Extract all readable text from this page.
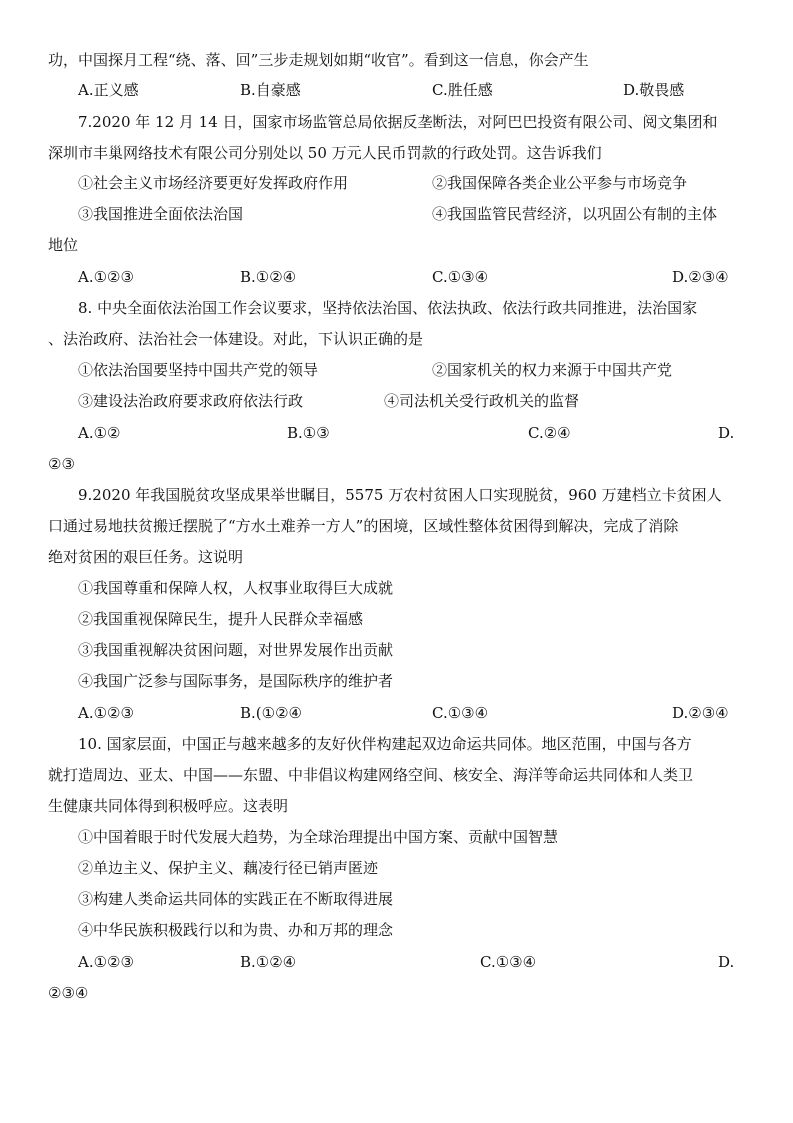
功，中国探月工程“绕、落、回”三步走规划如期“收官”。看到这一信息，你会产生
A.正义感	B.自豪感	C.胜任感	D.敬畏感
7.2020 年 12 月 14 日，国家市场监管总局依据反垄断法，对阿巴巴投资有限公司、阅文集团和
深圳市丰巢网络技术有限公司分别处以 50 万元人民币罚款的行政处罚。这告诉我们
①社会主义市场经济要更好发挥政府作用	②我国保障各类企业公平参与市场竞争
③我国推进全面依法治国	④我国监管民营经济，以巩固公有制的主体
地位
A.①②③	B.①②④	C.①③④	D.②③④
8. 中央全面依法治国工作会议要求，坚持依法治国、依法执政、依法行政共同推进，法治国家
、法治政府、法治社会一体建设。对此，下认识正确的是
①依法治国要坚持中国共产党的领导	②国家机关的权力来源于中国共产党
③建设法治政府要求政府依法行政	④司法机关受行政机关的监督
A.①②	B.①③	C.②④	D.
②③
9.2020 年我国脱贫攻坚成果举世瞩目，5575 万农村贫困人口实现脱贫，960 万建档立卡贫困人
口通过易地扶贫搬迁摆脱了“方水土难养一方人”的困境，区域性整体贫困得到解决，完成了消除
绝对贫困的艰巨任务。这说明
①我国尊重和保障人权，人权事业取得巨大成就
②我国重视保障民生，提升人民群众幸福感
③我国重视解决贫困问题，对世界发展作出贡献
④我国广泛参与国际事务，是国际秩序的维护者
A.①②③	B.(①②④	C.①③④	D.②③④
10. 国家层面，中国正与越来越多的友好伙伴构建起双边命运共同体。地区范围，中国与各方
就打造周边、亚太、中国——东盟、中非倡议构建网络空间、核安全、海洋等命运共同体和人类卫
生健康共同体得到积极呼应。这表明
①中国着眼于时代发展大趋势，为全球治理提出中国方案、贡献中国智慧
②单边主义、保护主义、藕凌行径已销声匿迹
③构建人类命运共同体的实践正在不断取得进展
④中华民族积极践行以和为贵、办和万邦的理念
A.①②③	B.①②④	C.①③④	D.
②③④
